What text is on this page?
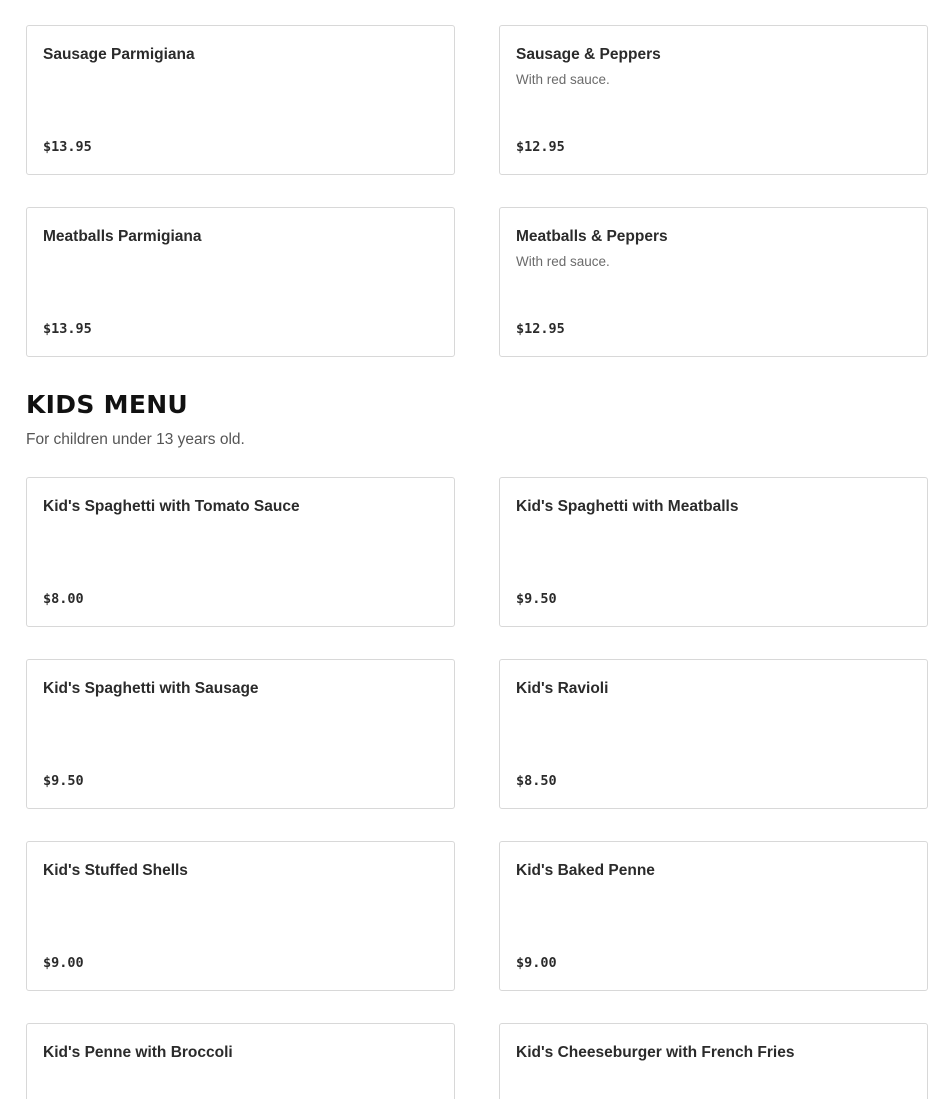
Sausage Parmigiana
$13.95
Sausage & Peppers
With red sauce.
$12.95
Meatballs Parmigiana
$13.95
Meatballs & Peppers
With red sauce.
$12.95
KIDS MENU
For children under 13 years old.
Kid's Spaghetti with Tomato Sauce
$8.00
Kid's Spaghetti with Meatballs
$9.50
Kid's Spaghetti with Sausage
$9.50
Kid's Ravioli
$8.50
Kid's Stuffed Shells
$9.00
Kid's Baked Penne
$9.00
Kid's Penne with Broccoli	Kid's Cheeseburger with French Fries
